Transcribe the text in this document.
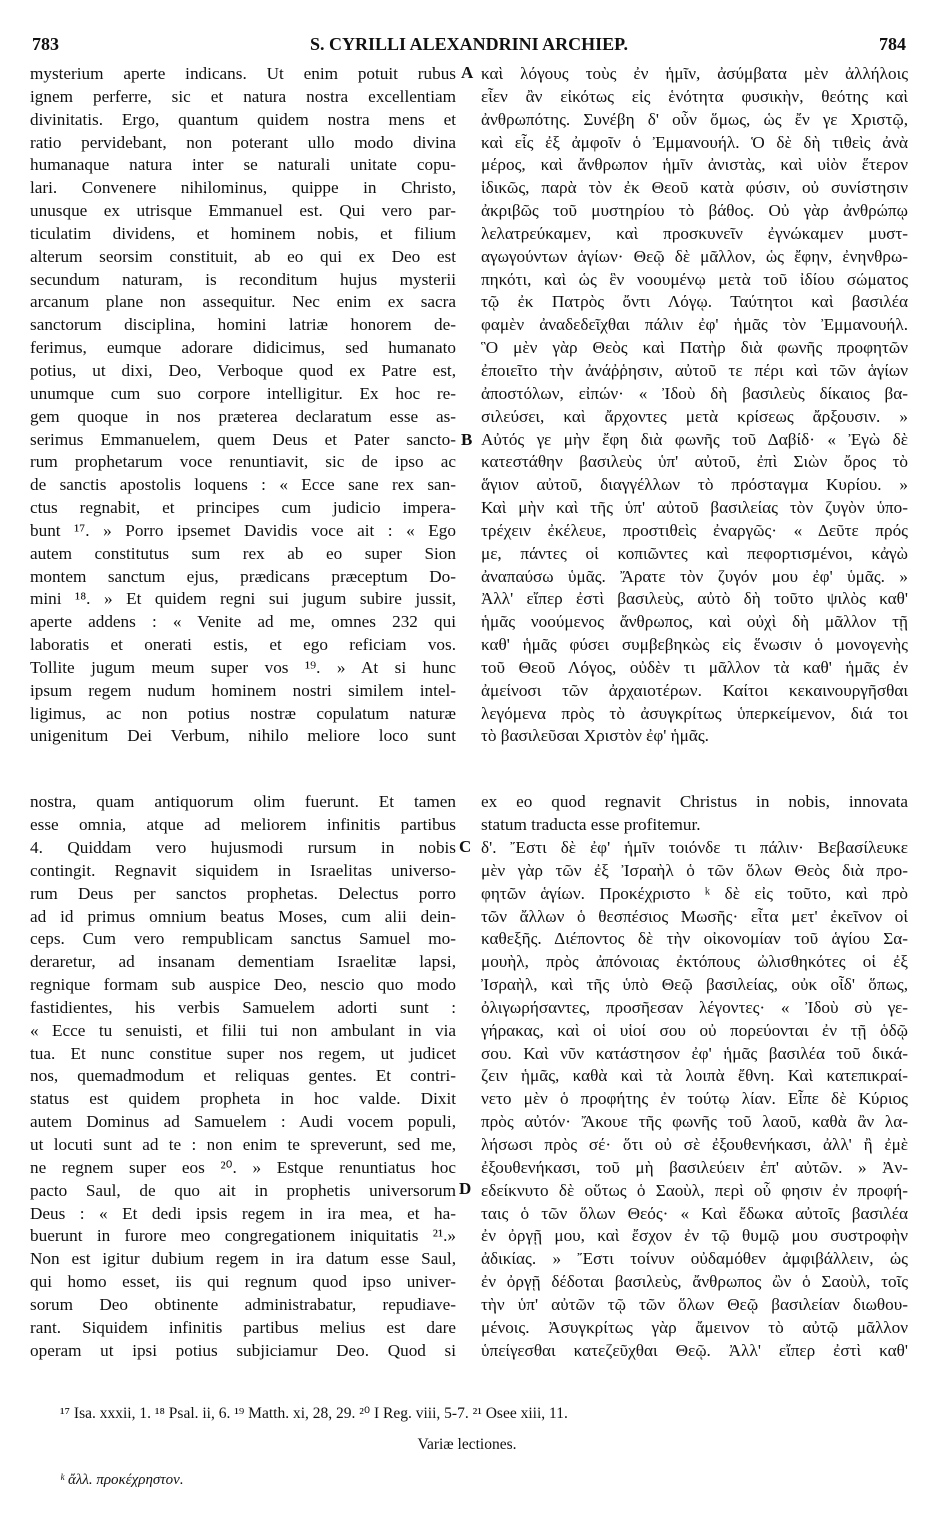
783	S. CYRILLI ALEXANDRINI ARCHIEP.	784
A
B
C
D
mysterium aperte indicans. Ut enim potuit rubus
ignem perferre, sic et natura nostra excellentiam
divinitatis. Ergo, quantum quidem nostra mens et
ratio pervidebant, non poterant ullo modo divina
humanaque natura inter se naturali unitate copu-
lari. Convenere nihilominus, quippe in Christo,
unusque ex utrisque Emmanuel est. Qui vero par-
ticulatim dividens, et hominem nobis, et filium
alterum seorsim constituit, ab eo qui ex Deo est
secundum naturam, is reconditum hujus mysterii
arcanum plane non assequitur. Nec enim ex sacra
sanctorum disciplina, homini latriæ honorem de-
ferimus, eumque adorare didicimus, sed humanato
potius, ut dixi, Deo, Verboque quod ex Patre est,
unumque cum suo corpore intelligitur. Ex hoc re-
gem quoque in nos præterea declaratum esse as-
serimus Emmanuelem, quem Deus et Pater sancto-
rum prophetarum voce renuntiavit, sic de ipso ac
de sanctis apostolis loquens : « Ecce sane rex san-
ctus regnabit, et principes cum judicio impera-
bunt ¹⁷. » Porro ipsemet Davidis voce ait : « Ego
autem constitutus sum rex ab eo super Sion
montem sanctum ejus, prædicans præceptum Do-
mini ¹⁸. » Et quidem regni sui jugum subire jussit,
aperte addens : « Venite ad me, omnes 232 qui
laboratis et onerati estis, et ego reficiam vos.
Tollite jugum meum super vos ¹⁹. » At si hunc
ipsum regem nudum hominem nostri similem intel-
ligimus, ac non potius nostræ copulatum naturæ
unigenitum Dei Verbum, nihilo meliore loco sunt
καὶ λόγους τοὺς ἐν ἡμῖν, ἀσύμβατα μὲν ἀλλήλοις
εἶεν ἂν εἰκότως εἰς ἑνότητα φυσικὴν, θεότης καὶ
ἀνθρωπότης. Συνέβη δ' οὖν ὅμως, ὡς ἔν γε Χριστῷ,
καὶ εἷς ἐξ ἀμφοῖν ὁ Ἐμμανουήλ. Ὁ δὲ δὴ τιθεὶς ἀνὰ
μέρος, καὶ ἄνθρωπον ἡμῖν ἀνιστὰς, καὶ υἱὸν ἕτερον
ἰδικῶς, παρὰ τὸν ἐκ Θεοῦ κατὰ φύσιν, οὐ συνίστησιν
ἀκριβῶς τοῦ μυστηρίου τὸ βάθος. Οὐ γὰρ ἀνθρώπῳ
λελατρεύκαμεν, καὶ προσκυνεῖν ἐγνώκαμεν μυστ-
αγωγούντων ἁγίων· Θεῷ δὲ μᾶλλον, ὡς ἔφην, ἐνηνθρω-
πηκότι, καὶ ὡς ἓν νοουμένῳ μετὰ τοῦ ἰδίου σώματος
τῷ ἐκ Πατρὸς ὄντι Λόγῳ. Ταύτητοι καὶ βασιλέα
φαμὲν ἀναδεδεῖχθαι πάλιν ἐφ' ἡμᾶς τὸν Ἐμμανουήλ.
Ὃ μὲν γὰρ Θεὸς καὶ Πατὴρ διὰ φωνῆς προφητῶν
ἐποιεῖτο τὴν ἀνάῤῥησιν, αὐτοῦ τε πέρι καὶ τῶν ἁγίων
ἀποστόλων, εἰπών· « Ἰδοὺ δὴ βασιλεὺς δίκαιος βα-
σιλεύσει, καὶ ἄρχοντες μετὰ κρίσεως ἄρξουσιν. »
Αὐτός γε μὴν ἔφη διὰ φωνῆς τοῦ Δαβίδ· « Ἐγὼ δὲ
κατεστάθην βασιλεὺς ὑπ' αὐτοῦ, ἐπὶ Σιὼν ὄρος τὸ
ἅγιον αὐτοῦ, διαγγέλλων τὸ πρόσταγμα Κυρίου. »
Καὶ μὴν καὶ τῆς ὑπ' αὐτοῦ βασιλείας τὸν ζυγὸν ὑπο-
τρέχειν ἐκέλευε, προστιθεὶς ἐναργῶς· « Δεῦτε πρός
με, πάντες οἱ κοπιῶντες καὶ πεφορτισμένοι, κἀγὼ
ἀναπαύσω ὑμᾶς. Ἄρατε τὸν ζυγόν μου ἐφ' ὑμᾶς. »
Ἀλλ' εἴπερ ἐστὶ βασιλεὺς, αὐτὸ δὴ τοῦτο ψιλὸς καθ'
ἡμᾶς νοούμενος ἄνθρωπος, καὶ οὐχὶ δὴ μᾶλλον τῇ
καθ' ἡμᾶς φύσει συμβεβηκὼς εἰς ἕνωσιν ὁ μονογενὴς
τοῦ Θεοῦ Λόγος, οὐδὲν τι μᾶλλον τὰ καθ' ἡμᾶς ἐν
ἀμείνοσι τῶν ἀρχαιοτέρων. Καίτοι κεκαινουργῆσθαι
λεγόμενα πρὸς τὸ ἀσυγκρίτως ὑπερκείμενον, διά τοι
τὸ βασιλεῦσαι Χριστὸν ἐφ' ἡμᾶς.
nostra, quam antiquorum olim fuerunt. Et tamen ex eo quod regnavit Christus in nobis, innovata
esse omnia, atque ad meliorem infinitis partibus statum traducta esse profitemur.
4. Quiddam vero hujusmodi rursum in nobis
contingit. Regnavit siquidem in Israelitas universo-
rum Deus per sanctos prophetas. Delectus porro
ad id primus omnium beatus Moses, cum alii dein-
ceps. Cum vero rempublicam sanctus Samuel mo-
deraretur, ad insanam dementiam Israelitæ lapsi,
regnique formam sub auspice Deo, nescio quo modo
fastidientes, his verbis Samuelem adorti sunt :
« Ecce tu senuisti, et filii tui non ambulant in via
tua. Et nunc constitue super nos regem, ut judicet
nos, quemadmodum et reliquas gentes. Et contri-
status est quidem propheta in hoc valde. Dixit
autem Dominus ad Samuelem : Audi vocem populi,
ut locuti sunt ad te : non enim te spreverunt, sed me,
ne regnem super eos ²⁰. » Estque renuntiatus hoc
pacto Saul, de quo ait in prophetis universorum
Deus : « Et dedi ipsis regem in ira mea, et ha-
buerunt in furore meo congregationem iniquitatis ²¹.»
Non est igitur dubium regem in ira datum esse Saul,
qui homo esset, iis qui regnum quod ipso univer-
sorum Deo obtinente administrabatur, repudiave-
rant. Siquidem infinitis partibus melius est dare
operam ut ipsi potius subjiciamur Deo. Quod si
δ'. Ἔστι δὲ ἐφ' ἡμῖν τοιόνδε τι πάλιν· Βεβασίλευκε
μὲν γὰρ τῶν ἐξ Ἰσραὴλ ὁ τῶν ὅλων Θεὸς διὰ προ-
φητῶν ἁγίων. Προκέχριστο ᵏ δὲ εἰς τοῦτο, καὶ πρὸ
τῶν ἄλλων ὁ θεσπέσιος Μωσῆς· εἶτα μετ' ἐκεῖνον οἱ
καθεξῆς. Διέποντος δὲ τὴν οἰκονομίαν τοῦ ἁγίου Σα-
μουὴλ, πρὸς ἀπόνοιας ἐκτόπους ὠλισθηκότες οἱ ἐξ
Ἰσραὴλ, καὶ τῆς ὑπὸ Θεῷ βασιλείας, οὐκ οἶδ' ὅπως,
ὀλιγωρήσαντες, προσῆεσαν λέγοντες· « Ἰδοὺ σὺ γε-
γήρακας, καὶ οἱ υἱοί σου οὐ πορεύονται ἐν τῇ ὁδῷ
σου. Καὶ νῦν κατάστησον ἐφ' ἡμᾶς βασιλέα τοῦ δικά-
ζειν ἡμᾶς, καθὰ καὶ τὰ λοιπὰ ἔθνη. Καὶ κατεπικραί-
νετο μὲν ὁ προφήτης ἐν τούτῳ λίαν. Εἶπε δὲ Κύριος
πρὸς αὐτόν· Ἄκουε τῆς φωνῆς τοῦ λαοῦ, καθὰ ἂν λα-
λήσωσι πρὸς σέ· ὅτι οὐ σὲ ἐξουθενήκασι, ἀλλ' ἢ ἐμὲ
ἐξουθενήκασι, τοῦ μὴ βασιλεύειν ἐπ' αὐτῶν. » Ἀν-
εδείκνυτο δὲ οὕτως ὁ Σαοὺλ, περὶ οὗ φησιν ἐν προφή-
ταις ὁ τῶν ὅλων Θεός· « Καὶ ἔδωκα αὐτοῖς βασιλέα
ἐν ὀργῇ μου, καὶ ἔσχον ἐν τῷ θυμῷ μου συστροφὴν
ἀδικίας. » Ἔστι τοίνυν οὐδαμόθεν ἀμφιβάλλειν, ὡς
ἐν ὀργῇ δέδοται βασιλεὺς, ἄνθρωπος ὢν ὁ Σαοὺλ, τοῖς
τὴν ὑπ' αὐτῶν τῷ τῶν ὅλων Θεῷ βασιλείαν διωθου-
μένοις. Ἀσυγκρίτως γὰρ ἄμεινον τὸ αὐτῷ μᾶλλον
ὑπείγεσθαι κατεζεῦχθαι Θεῷ. Ἀλλ' εἴπερ ἐστὶ καθ'
¹⁷ Isa. xxxii, 1. ¹⁸ Psal. ii, 6. ¹⁹ Matth. xi, 28, 29. ²⁰ I Reg. viii, 5-7. ²¹ Osee xiii, 11.
Variæ lectiones.
ᵏ ἄλλ. προκέχρηστον.
